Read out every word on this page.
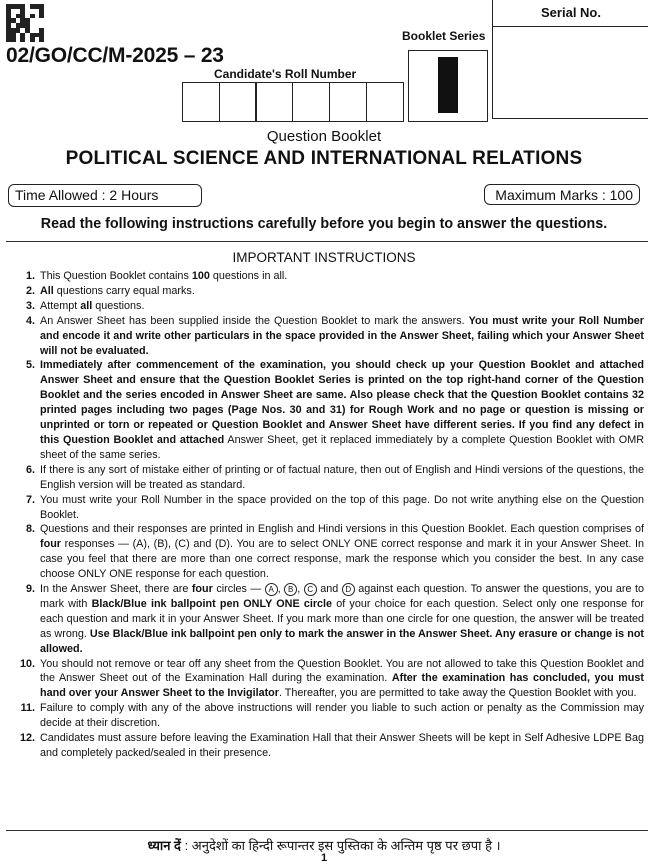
02/GO/CC/M-2025 – 23
Serial No.
Booklet Series
Candidate's Roll Number
Question Booklet
POLITICAL SCIENCE AND INTERNATIONAL RELATIONS
Time Allowed : 2 Hours	Maximum Marks : 100
Read the following instructions carefully before you begin to answer the questions.
IMPORTANT INSTRUCTIONS
1. This Question Booklet contains 100 questions in all.
2. All questions carry equal marks.
3. Attempt all questions.
4. An Answer Sheet has been supplied inside the Question Booklet to mark the answers. You must write your Roll Number and encode it and write other particulars in the space provided in the Answer Sheet, failing which your Answer Sheet will not be evaluated.
5. Immediately after commencement of the examination, you should check up your Question Booklet and attached Answer Sheet and ensure that the Question Booklet Series is printed on the top right-hand corner of the Question Booklet and the series encoded in Answer Sheet are same. Also please check that the Question Booklet contains 32 printed pages including two pages (Page Nos. 30 and 31) for Rough Work and no page or question is missing or unprinted or torn or repeated or Question Booklet and Answer Sheet have different series. If you find any defect in this Question Booklet and attached Answer Sheet, get it replaced immediately by a complete Question Booklet with OMR sheet of the same series.
6. If there is any sort of mistake either of printing or of factual nature, then out of English and Hindi versions of the questions, the English version will be treated as standard.
7. You must write your Roll Number in the space provided on the top of this page. Do not write anything else on the Question Booklet.
8. Questions and their responses are printed in English and Hindi versions in this Question Booklet. Each question comprises of four responses — (A), (B), (C) and (D). You are to select ONLY ONE correct response and mark it in your Answer Sheet. In case you feel that there are more than one correct response, mark the response which you consider the best. In any case choose ONLY ONE response for each question.
9. In the Answer Sheet, there are four circles — A , B , C and D against each question. To answer the questions, you are to mark with Black/Blue ink ballpoint pen ONLY ONE circle of your choice for each question. Select only one response for each question and mark it in your Answer Sheet. If you mark more than one circle for one question, the answer will be treated as wrong. Use Black/Blue ink ballpoint pen only to mark the answer in the Answer Sheet. Any erasure or change is not allowed.
10. You should not remove or tear off any sheet from the Question Booklet. You are not allowed to take this Question Booklet and the Answer Sheet out of the Examination Hall during the examination. After the examination has concluded, you must hand over your Answer Sheet to the Invigilator. Thereafter, you are permitted to take away the Question Booklet with you.
11. Failure to comply with any of the above instructions will render you liable to such action or penalty as the Commission may decide at their discretion.
12. Candidates must assure before leaving the Examination Hall that their Answer Sheets will be kept in Self Adhesive LDPE Bag and completely packed/sealed in their presence.
ध्यान दें : अनुदेशों का हिन्दी रूपान्तर इस पुस्तिका के अन्तिम पृष्ठ पर छपा है ।
1
